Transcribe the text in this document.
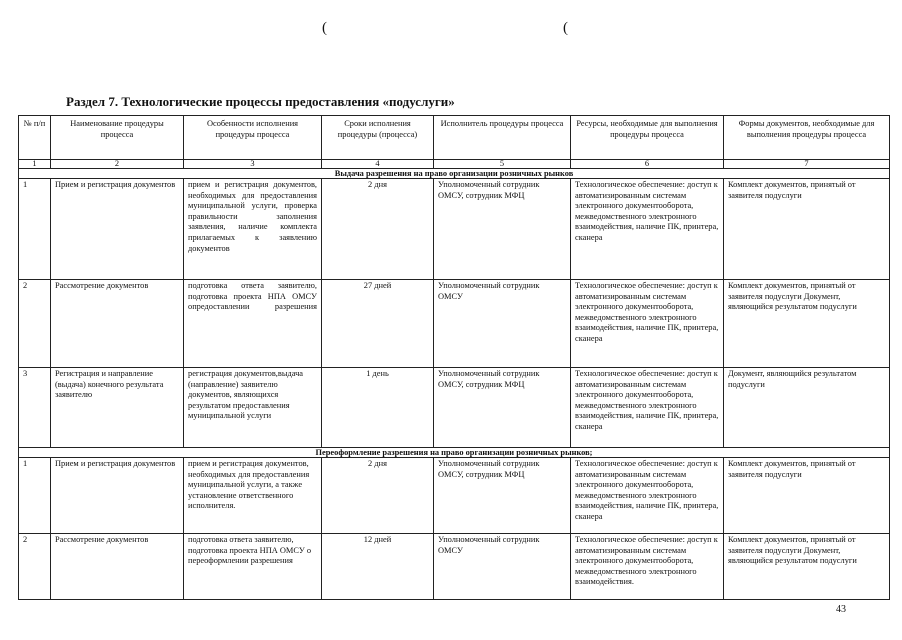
(	(
Раздел 7. Технологические процессы предоставления «подуслуги»
№ п/п	Наименование процедуры процесса	Особенности исполнения процедуры процесса	Сроки исполнения процедуры (процесса)	Исполнитель процедуры процесса	Ресурсы, необходимые для выполнения процедуры процесса	Формы документов, необходимые для выполнения процедуры процесса
1	2	3	4	5	6	7
Выдача разрешения на право организации розничных рынков						
1	Прием и регистрация документов	прием и регистрация документов, необходимых для предоставления муниципальной услуги, проверка правильности заполнения заявления, наличие комплекта прилагаемых к заявлению документов	2 дня	Уполномоченный сотрудник ОМСУ, сотрудник МФЦ	Технологическое обеспечение: доступ к автоматизированным системам электронного документооборота, межведомственного электронного взаимодействия, наличие ПК, принтера, сканера	Комплект документов, принятый от заявителя подуслуги
2	Рассмотрение документов	подготовка ответа заявителю, подготовка проекта НПА ОМСУ опредоставлении разрешения	27 дней	Уполномоченный сотрудник ОМСУ	Технологическое обеспечение: доступ к автоматизированным системам электронного документооборота, межведомственного электронного взаимодействия, наличие ПК, принтера, сканера	Комплект документов, принятый от заявителя подуслуги Документ, являющийся результатом подуслуги
3	Регистрация и направление (выдача) конечного результата заявителю	регистрация документов,выдача (направление) заявителю документов, являющихся результатом предоставления муниципальной услуги	1 день	Уполномоченный сотрудник ОМСУ, сотрудник МФЦ	Технологическое обеспечение: доступ к автоматизированным системам электронного документооборота, межведомственного электронного взаимодействия, наличие ПК, принтера, сканера	Документ, являющийся результатом подуслуги
Переоформление разрешения на право организации розничных рынков;						
1	Прием и регистрация документов	прием и регистрация документов, необходимых для предоставления муниципальной услуги, а также установление ответственного исполнителя.	2 дня	Уполномоченный сотрудник ОМСУ, сотрудник МФЦ	Технологическое обеспечение: доступ к автоматизированным системам электронного документооборота, межведомственного электронного взаимодействия, наличие ПК, принтера, сканера	Комплект документов, принятый от заявителя подуслуги
2	Рассмотрение документов	подготовка ответа заявителю, подготовка проекта НПА ОМСУ о переоформлении разрешения	12 дней	Уполномоченный сотрудник ОМСУ	Технологическое обеспечение: доступ к автоматизированным системам электронного документооборота, межведомственного электронного взаимодействия.	Комплект документов, принятый от заявителя подуслуги Документ, являющийся результатом подуслуги
43
